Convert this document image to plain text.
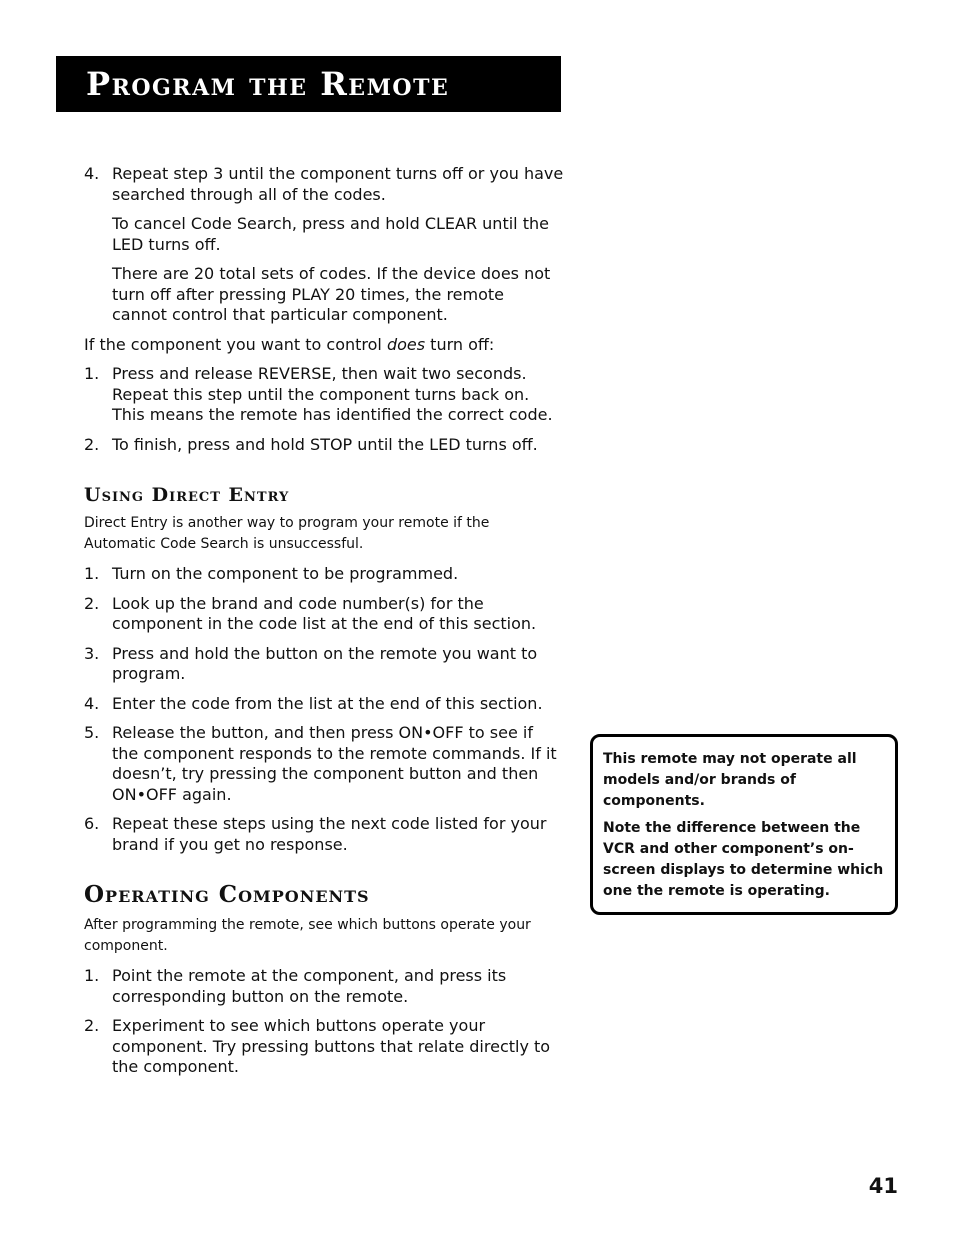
Program the Remote
4. Repeat step 3 until the component turns off or you have searched through all of the codes.
To cancel Code Search, press and hold CLEAR until the LED turns off.
There are 20 total sets of codes. If the device does not turn off after pressing PLAY 20 times, the remote cannot control that particular component.
If the component you want to control does turn off:
1. Press and release REVERSE, then wait two seconds. Repeat this step until the component turns back on. This means the remote has identified the correct code.
2. To finish, press and hold STOP until the LED turns off.
Using Direct Entry
Direct Entry is another way to program your remote if the Automatic Code Search is unsuccessful.
1. Turn on the component to be programmed.
2. Look up the brand and code number(s) for the component in the code list at the end of this section.
3. Press and hold the button on the remote you want to program.
4. Enter the code from the list at the end of this section.
5. Release the button, and then press ON•OFF to see if the component responds to the remote commands. If it doesn’t, try pressing the component button and then ON•OFF again.
6. Repeat these steps using the next code listed for your brand if you get no response.
Operating Components
After programming the remote, see which buttons operate your component.
1. Point the remote at the component, and press its corresponding button on the remote.
2. Experiment to see which buttons operate your component. Try pressing buttons that relate directly to the component.

This remote may not operate all models and/or brands of components.

Note the difference between the VCR and other component’s on-screen displays to determine which one the remote is operating.

41
